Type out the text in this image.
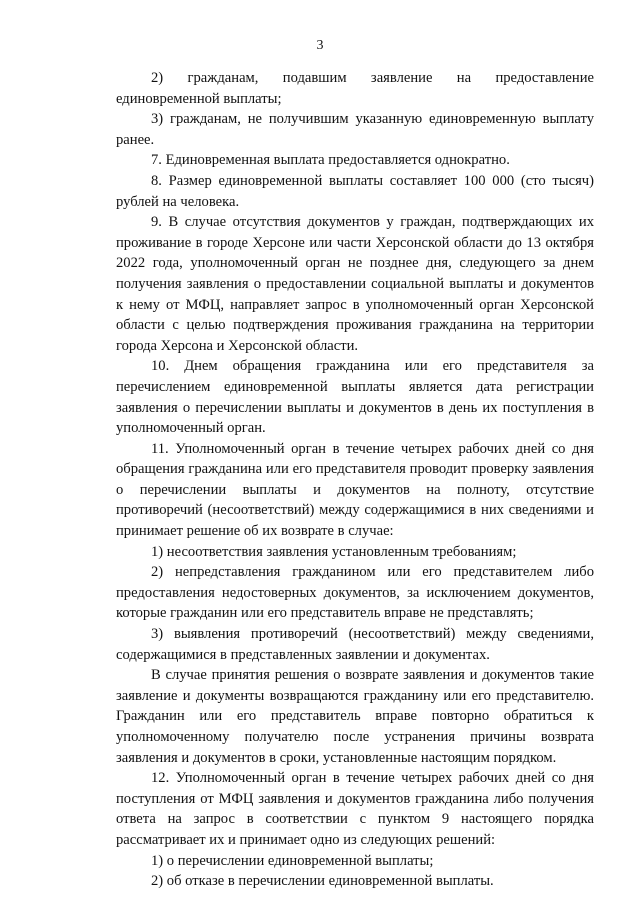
3

2) гражданам, подавшим заявление на предоставление единовременной выплаты;

3) гражданам, не получившим указанную единовременную выплату ранее.

7. Единовременная выплата предоставляется однократно.

8. Размер единовременной выплаты составляет 100 000 (сто тысяч) рублей на человека.

9. В случае отсутствия документов у граждан, подтверждающих их проживание в городе Херсоне или части Херсонской области до 13 октября 2022 года, уполномоченный орган не позднее дня, следующего за днем получения заявления о предоставлении социальной выплаты и документов к нему от МФЦ, направляет запрос в уполномоченный орган Херсонской области с целью подтверждения проживания гражданина на территории города Херсона и Херсонской области.

10. Днем обращения гражданина или его представителя за перечислением единовременной выплаты является дата регистрации заявления о перечислении выплаты и документов в день их поступления в уполномоченный орган.

11. Уполномоченный орган в течение четырех рабочих дней со дня обращения гражданина или его представителя проводит проверку заявления о перечислении выплаты и документов на полноту, отсутствие противоречий (несоответствий) между содержащимися в них сведениями и принимает решение об их возврате в случае:

1) несоответствия заявления установленным требованиям;

2) непредставления гражданином или его представителем либо предоставления недостоверных документов, за исключением документов, которые гражданин или его представитель вправе не представлять;

3) выявления противоречий (несоответствий) между сведениями, содержащимися в представленных заявлении и документах.

В случае принятия решения о возврате заявления и документов такие заявление и документы возвращаются гражданину или его представителю. Гражданин или его представитель вправе повторно обратиться к уполномоченному получателю после устранения причины возврата заявления и документов в сроки, установленные настоящим порядком.

12. Уполномоченный орган в течение четырех рабочих дней со дня поступления от МФЦ заявления и документов гражданина либо получения ответа на запрос в соответствии с пунктом 9 настоящего порядка рассматривает их и принимает одно из следующих решений:

1) о перечислении единовременной выплаты;

2) об отказе в перечислении единовременной выплаты.
